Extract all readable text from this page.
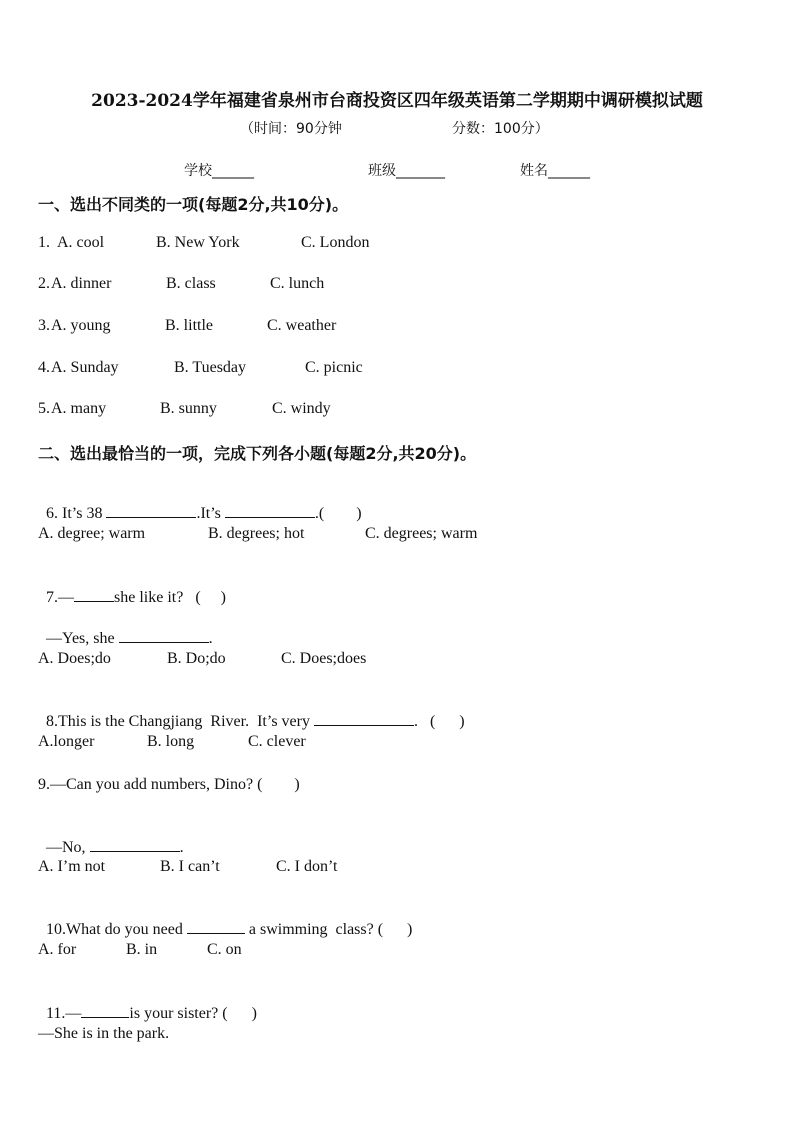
2023-2024学年福建省泉州市台商投资区四年级英语第二学期期中调研模拟试题
（时间：90分钟	分数：100分）
学校______	班级_______	姓名______
一、选出不同类的一项(每题2分,共10分)。
1. A. cool	B. New York	C. London
2. A. dinner	B. class	C. lunch
3. A. young	B. little	C. weather
4. A. Sunday	B. Tuesday	C. picnic
5. A. many	B. sunny	C. windy
二、选出最恰当的一项，完成下列各小题(每题2分,共20分)。

6. It’s 38	.It’s	.(        )

A. degree; warm	B. degrees; hot	C. degrees; warm

7.—	she like it?   (     )

—Yes, she	.

A. Does;do	B. Do;do	C. Does;does

8.This is the Changjiang  River.  It’s very	.   (      )

A.longer	B. long	C. clever
9.—Can you add numbers, Dino? (        )

—No,	.

A. I’m not	B. I can’t	C. I don’t

10.What do you need	a swimming  class? (      )

A. for	B. in	C. on

11.—	is your sister? (      )

—She is in the park.
